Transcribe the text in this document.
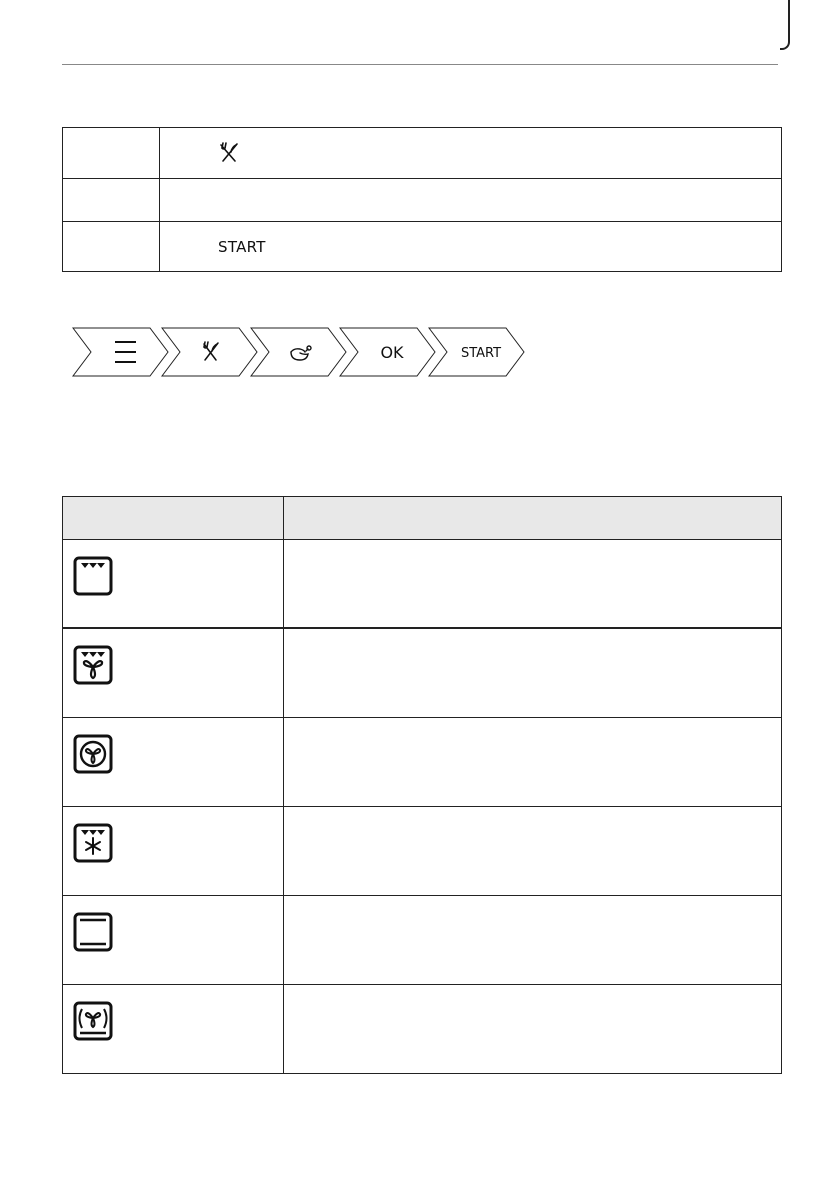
	START
OK	START
